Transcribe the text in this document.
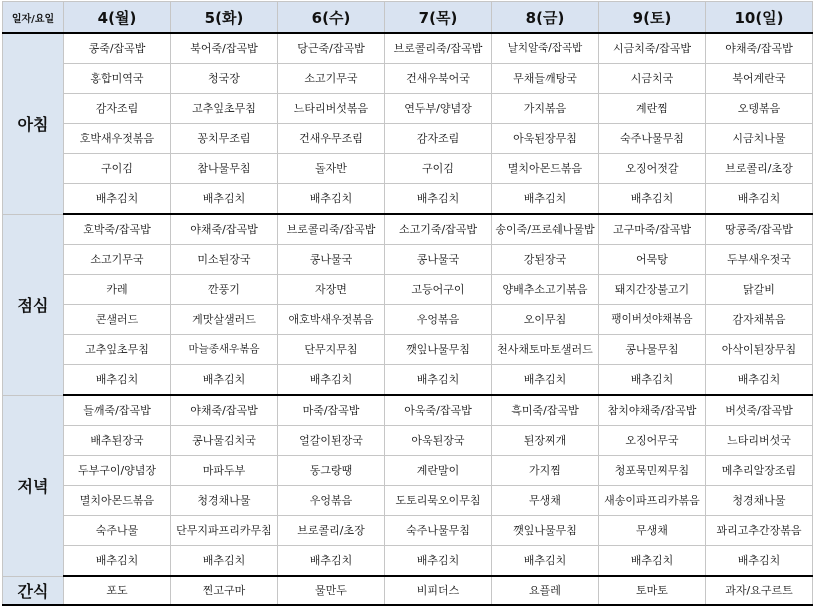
일자/요일	4(월)	5(화)	6(수)	7(목)	8(금)	9(토)	10(일)
아침	콩죽/잡곡밥	북어죽/잡곡밥	당근죽/잡곡밥	브로콜리죽/잡곡밥	날치알죽/잡곡밥	시금치죽/잡곡밥	야채죽/잡곡밥
	홍합미역국	청국장	소고기무국	건새우북어국	무채들깨탕국	시금치국	북어계란국
	감자조림	고추잎초무침	느타리버섯볶음	연두부/양념장	가지볶음	계란찜	오뎅볶음
	호박새우젓볶음	꽁치무조림	건새우무조림	감자조림	아욱된장무침	숙주나물무침	시금치나물
	구이김	참나물무침	돌자반	구이김	멸치아몬드볶음	오징어젓갈	브로콜리/초장
	배추김치	배추김치	배추김치	배추김치	배추김치	배추김치	배추김치
점심	호박죽/잡곡밥	야채죽/잡곡밥	브로콜리죽/잡곡밥	소고기죽/잡곡밥	송이죽/프로쉐나물밥	고구마죽/잡곡밥	땅콩죽/잡곡밥
	소고기무국	미소된장국	콩나물국	콩나물국	강된장국	어묵탕	두부새우젓국
	카레	깐풍기	자장면	고등어구이	양배추소고기볶음	돼지간장불고기	닭갈비
	콘샐러드	게맛살샐러드	애호박새우젓볶음	우엉볶음	오이무침	팽이버섯야채볶음	감자채볶음
	고추잎초무침	마늘종새우볶음	단무지무침	깻잎나물무침	천사채토마토샐러드	콩나물무침	아삭이된장무침
	배추김치	배추김치	배추김치	배추김치	배추김치	배추김치	배추김치
저녁	들깨죽/잡곡밥	야채죽/잡곡밥	마죽/잡곡밥	아욱죽/잡곡밥	흑미죽/잡곡밥	참치야채죽/잡곡밥	버섯죽/잡곡밥
	배추된장국	콩나물김치국	얼갈이된장국	아욱된장국	된장찌개	오징어무국	느타리버섯국
	두부구이/양념장	마파두부	동그랑땡	계란말이	가지찜	청포묵민찌무침	메추리알장조림
	멸치아몬드볶음	청경채나물	우엉볶음	도토리묵오이무침	무생채	새송이파프리카볶음	청경채나물
	숙주나물	단무지파프리카무침	브로콜리/초장	숙주나물무침	깻잎나물무침	무생채	꽈리고추간장볶음
	배추김치	배추김치	배추김치	배추김치	배추김치	배추김치	배추김치
간식	포도	찐고구마	물만두	비피더스	요플레	토마토	과자/요구르트
